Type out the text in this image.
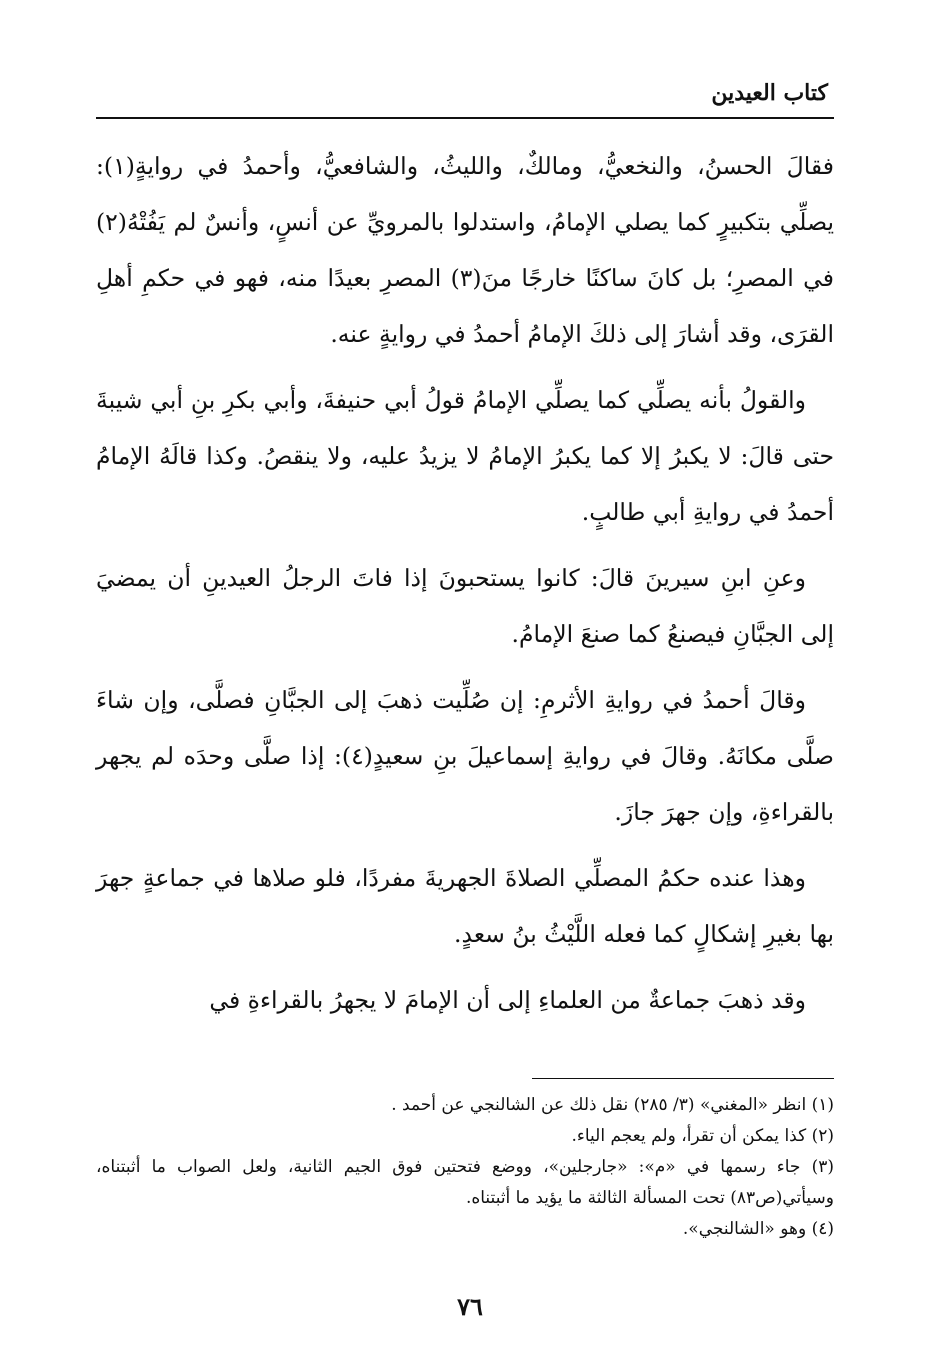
كتاب العيدين

فقالَ الحسنُ، والنخعيُّ، ومالكٌ، والليثُ، والشافعيُّ، وأحمدُ في روايةٍ(١): يصلِّي بتكبيرٍ كما يصلي الإمامُ، واستدلوا بالمرويِّ عن أنسٍ، وأنسٌ لم يَفُتْهُ(٢) في المصرِ؛ بل كانَ ساكنًا خارجًا منَ(٣) المصرِ بعيدًا منه، فهو في حكمِ أهلِ القرَى، وقد أشارَ إلى ذلكَ الإمامُ أحمدُ في روايةٍ عنه.

والقولُ بأنه يصلِّي كما يصلِّي الإمامُ قولُ أبي حنيفةَ، وأبي بكرِ بنِ أبي شيبةَ حتى قالَ: لا يكبرُ إلا كما يكبرُ الإمامُ لا يزيدُ عليه، ولا ينقصُ. وكذا قالَهُ الإمامُ أحمدُ في روايةِ أبي طالبٍ.

وعنِ ابنِ سيرينَ قالَ: كانوا يستحبونَ إذا فاتَ الرجلُ العيدينِ أن يمضيَ إلى الجبَّانِ فيصنعُ كما صنعَ الإمامُ.

وقالَ أحمدُ في روايةِ الأثرمِ: إن صُلِّيت ذهبَ إلى الجبَّانِ فصلَّى، وإن شاءَ صلَّى مكانَهُ. وقالَ في روايةِ إسماعيلَ بنِ سعيدٍ(٤): إذا صلَّى وحدَه لم يجهر بالقراءةِ، وإن جهرَ جازَ.

وهذا عنده حكمُ المصلِّي الصلاةَ الجهريةَ مفردًا، فلو صلاها في جماعةٍ جهرَ بها بغيرِ إشكالٍ كما فعله اللَّيْثُ بنُ سعدٍ.

وقد ذهبَ جماعةٌ من العلماءِ إلى أن الإمامَ لا يجهرُ بالقراءةِ في

(١) انظر «المغني» (٣/ ٢٨٥) نقل ذلك عن الشالنجي عن أحمد .

(٢) كذا يمكن أن تقرأ، ولم يعجم الياء.

(٣) جاء رسمها في «م»: «جارجلين»، ووضع فتحتين فوق الجيم الثانية، ولعل الصواب ما أثبتناه، وسيأتي(ص٨٣) تحت المسألة الثالثة ما يؤيد ما أثبتناه.

(٤) وهو «الشالنجي».

٧٦
